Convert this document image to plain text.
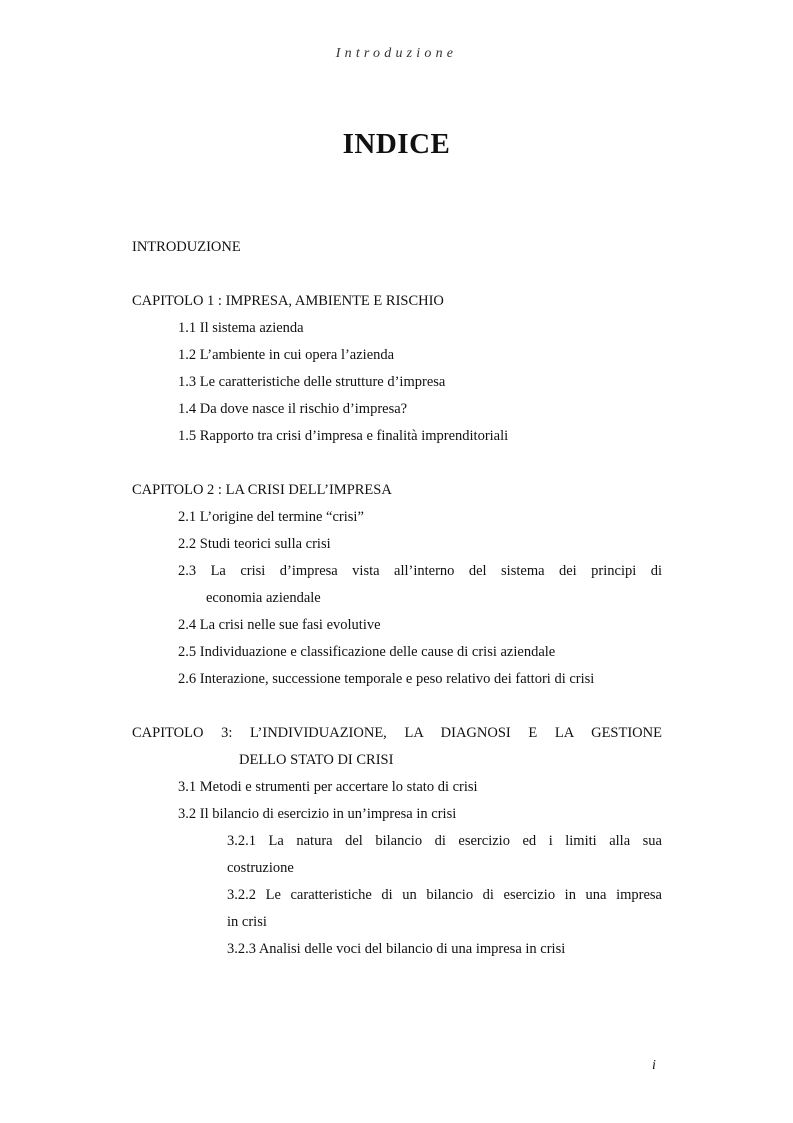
Introduzione
INDICE
INTRODUZIONE
CAPITOLO 1 : IMPRESA, AMBIENTE E RISCHIO
1.1 Il sistema azienda
1.2 L’ambiente in cui opera l’azienda
1.3 Le caratteristiche delle strutture d’impresa
1.4 Da dove nasce il rischio d’impresa?
1.5 Rapporto tra crisi d’impresa e finalità imprenditoriali
CAPITOLO 2 : LA CRISI DELL’IMPRESA
2.1 L’origine del termine “crisi”
2.2 Studi teorici sulla crisi
2.3 La crisi d’impresa vista all’interno del sistema dei principi di
economia aziendale
2.4 La crisi nelle sue fasi evolutive
2.5 Individuazione e classificazione delle cause di crisi aziendale
2.6 Interazione, successione temporale e peso relativo dei fattori di crisi
CAPITOLO 3: L’INDIVIDUAZIONE, LA DIAGNOSI E LA GESTIONE
DELLO STATO DI CRISI
3.1 Metodi e strumenti per accertare lo stato di crisi
3.2 Il bilancio di esercizio in un’impresa in crisi
3.2.1 La natura del bilancio di esercizio ed i limiti alla sua
costruzione
3.2.2 Le caratteristiche di un bilancio di esercizio in una impresa
in crisi
3.2.3 Analisi delle voci del bilancio di una impresa in crisi
i
